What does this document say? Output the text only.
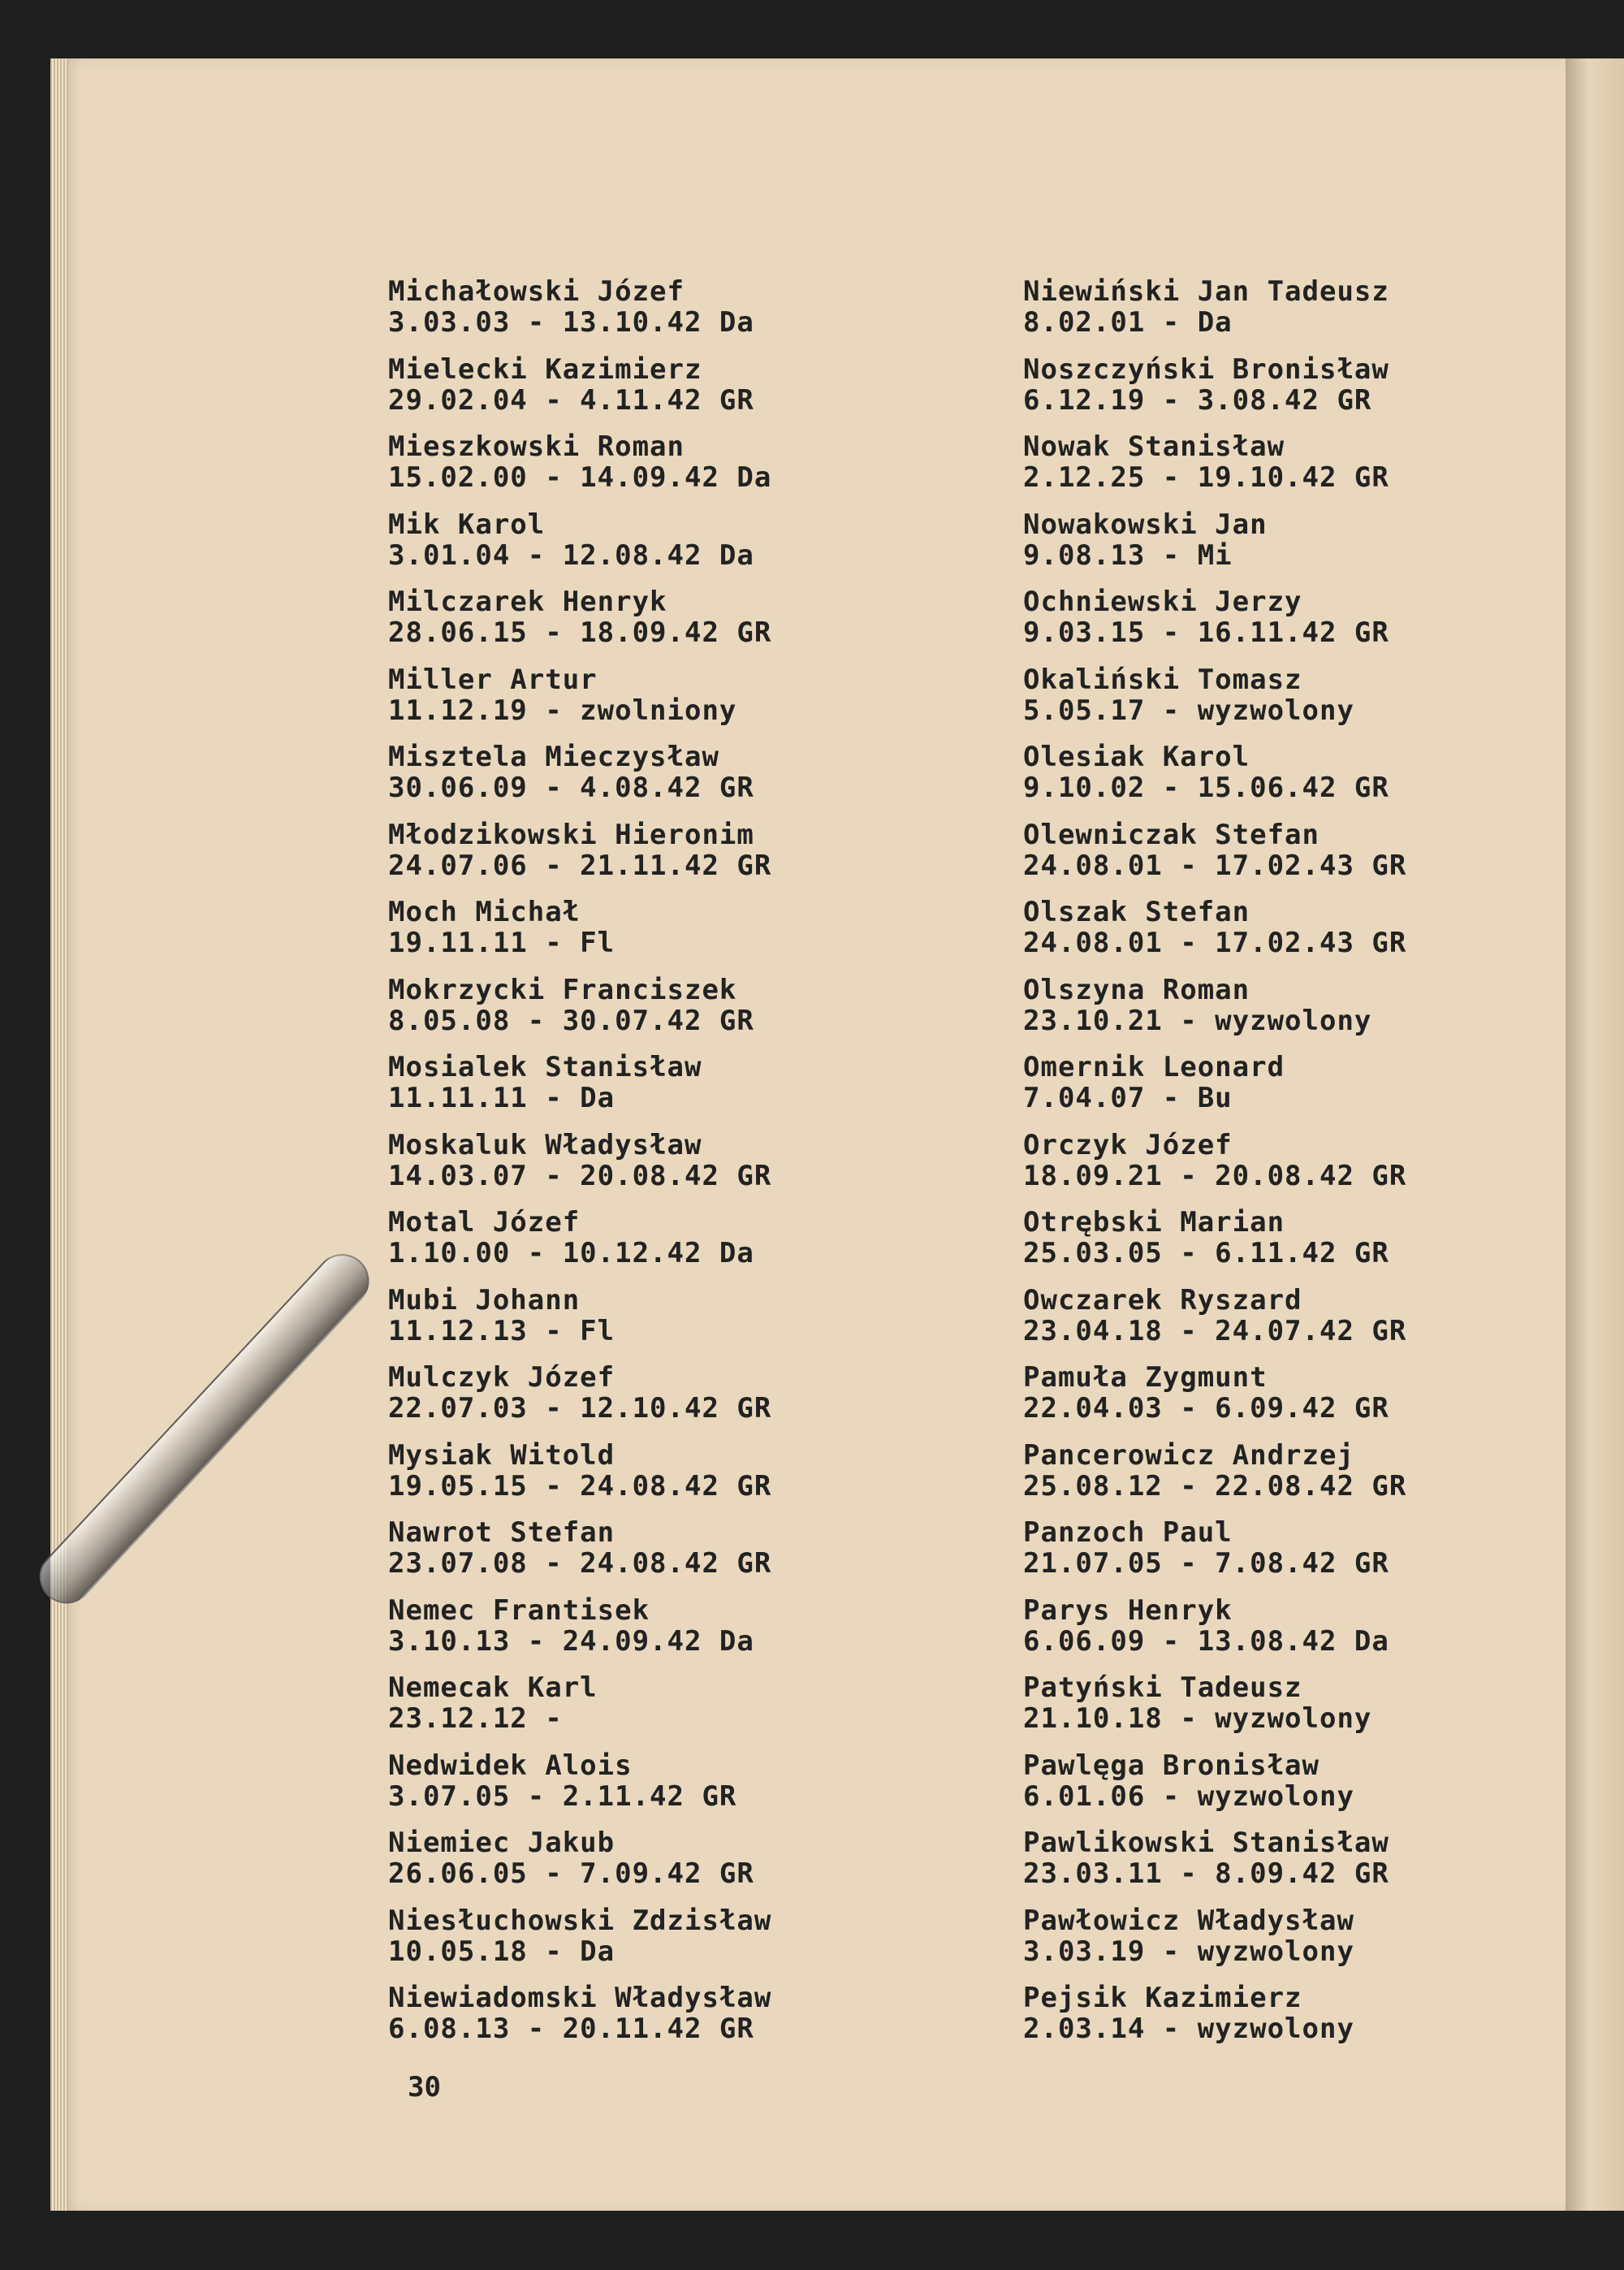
Michałowski Józef
3.03.03 - 13.10.42 Da
Mielecki Kazimierz
29.02.04 - 4.11.42 GR
Mieszkowski Roman
15.02.00 - 14.09.42 Da
Mik Karol
3.01.04 - 12.08.42 Da
Milczarek Henryk
28.06.15 - 18.09.42 GR
Miller Artur
11.12.19 - zwolniony
Misztela Mieczysław
30.06.09 - 4.08.42 GR
Młodzikowski Hieronim
24.07.06 - 21.11.42 GR
Moch Michał
19.11.11 - Fl
Mokrzycki Franciszek
8.05.08 - 30.07.42 GR
Mosialek Stanisław
11.11.11 - Da
Moskaluk Władysław
14.03.07 - 20.08.42 GR
Motal Józef
1.10.00 - 10.12.42 Da
Mubi Johann
11.12.13 - Fl
Mulczyk Józef
22.07.03 - 12.10.42 GR
Mysiak Witold
19.05.15 - 24.08.42 GR
Nawrot Stefan
23.07.08 - 24.08.42 GR
Nemec Frantisek
3.10.13 - 24.09.42 Da
Nemecak Karl
23.12.12 -
Nedwidek Alois
3.07.05 - 2.11.42 GR
Niemiec Jakub
26.06.05 - 7.09.42 GR
Niesłuchowski Zdzisław
10.05.18 - Da
Niewiadomski Władysław
6.08.13 - 20.11.42 GR
Niewiński Jan Tadeusz
8.02.01 - Da
Noszczyński Bronisław
6.12.19 - 3.08.42 GR
Nowak Stanisław
2.12.25 - 19.10.42 GR
Nowakowski Jan
9.08.13 - Mi
Ochniewski Jerzy
9.03.15 - 16.11.42 GR
Okaliński Tomasz
5.05.17 - wyzwolony
Olesiak Karol
9.10.02 - 15.06.42 GR
Olewniczak Stefan
24.08.01 - 17.02.43 GR
Olszak Stefan
24.08.01 - 17.02.43 GR
Olszyna Roman
23.10.21 - wyzwolony
Omernik Leonard
7.04.07 - Bu
Orczyk Józef
18.09.21 - 20.08.42 GR
Otrębski Marian
25.03.05 - 6.11.42 GR
Owczarek Ryszard
23.04.18 - 24.07.42 GR
Pamuła Zygmunt
22.04.03 - 6.09.42 GR
Pancerowicz Andrzej
25.08.12 - 22.08.42 GR
Panzoch Paul
21.07.05 - 7.08.42 GR
Parys Henryk
6.06.09 - 13.08.42 Da
Patyński Tadeusz
21.10.18 - wyzwolony
Pawlęga Bronisław
6.01.06 - wyzwolony
Pawlikowski Stanisław
23.03.11 - 8.09.42 GR
Pawłowicz Władysław
3.03.19 - wyzwolony
Pejsik Kazimierz
2.03.14 - wyzwolony
30
